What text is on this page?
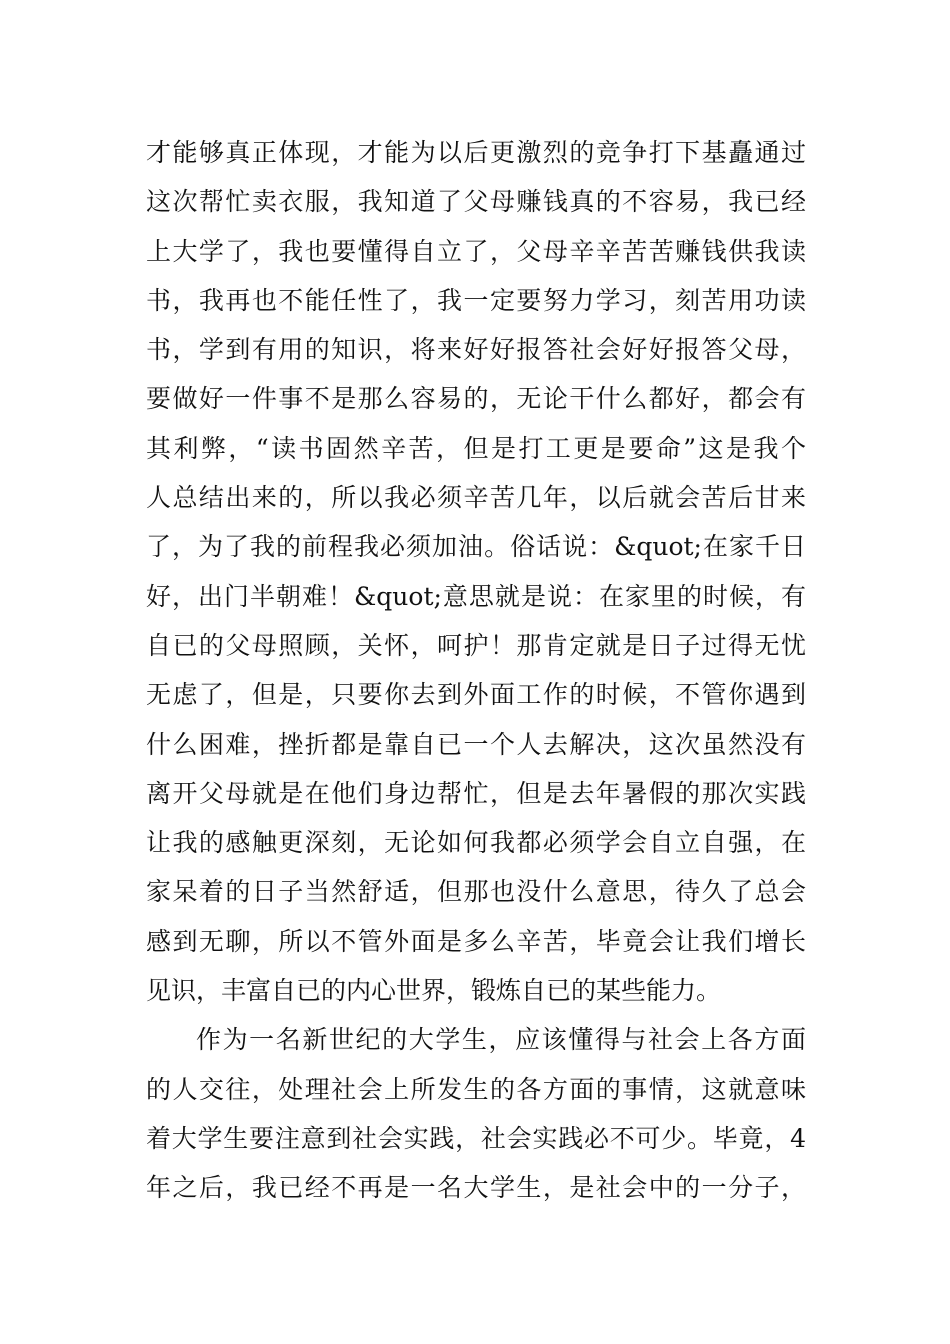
才能够真正体现，才能为以后更激烈的竞争打下基矗通过
这次帮忙卖衣服，我知道了父母赚钱真的不容易，我已经
上大学了，我也要懂得自立了，父母辛辛苦苦赚钱供我读
书，我再也不能任性了，我一定要努力学习，刻苦用功读
书，学到有用的知识，将来好好报答社会好好报答父母，
要做好一件事不是那么容易的，无论干什么都好，都会有
其利弊，“读书固然辛苦，但是打工更是要命”这是我个
人总结出来的，所以我必须辛苦几年，以后就会苦后甘来
了，为了我的前程我必须加油。俗话说：&quot;在家千日
好，出门半朝难！&quot;意思就是说：在家里的时候，有
自已的父母照顾，关怀，呵护！那肯定就是日子过得无忧
无虑了，但是，只要你去到外面工作的时候，不管你遇到
什么困难，挫折都是靠自已一个人去解决，这次虽然没有
离开父母就是在他们身边帮忙，但是去年暑假的那次实践
让我的感触更深刻，无论如何我都必须学会自立自强，在
家呆着的日子当然舒适，但那也没什么意思，待久了总会
感到无聊，所以不管外面是多么辛苦，毕竟会让我们增长
见识，丰富自已的内心世界，锻炼自已的某些能力。
作为一名新世纪的大学生，应该懂得与社会上各方面
的人交往，处理社会上所发生的各方面的事情，这就意味
着大学生要注意到社会实践，社会实践必不可少。毕竟，4
年之后，我已经不再是一名大学生，是社会中的一分子，
